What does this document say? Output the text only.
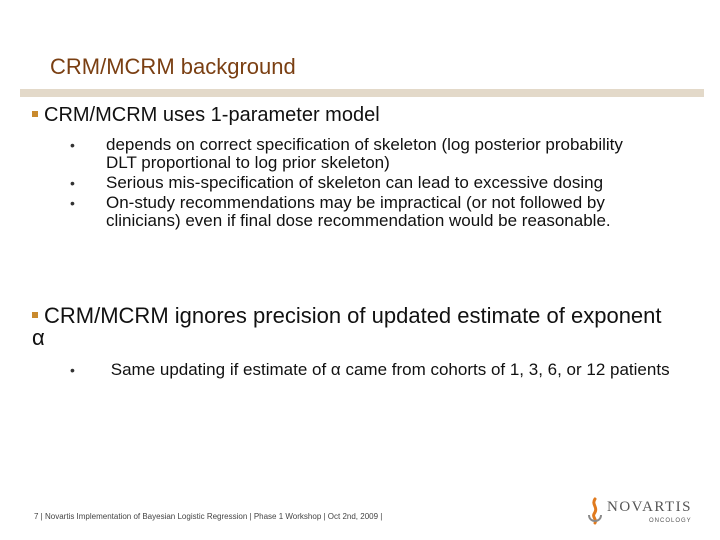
CRM/MCRM background
CRM/MCRM uses 1-parameter model
• depends on correct specification of skeleton (log posterior probability DLT proportional to log prior skeleton)
• Serious mis-specification of skeleton can lead to excessive dosing
• On-study recommendations may be impractical (or not followed by clinicians) even if final dose recommendation would be reasonable.
CRM/MCRM ignores precision of updated estimate of exponent α
• Same updating if estimate of α came from cohorts of 1, 3, 6, or 12 patients
7 | Novartis Implementation of Bayesian Logistic Regression | Phase 1 Workshop | Oct 2nd, 2009 |
NOVARTIS
ONCOLOGY
